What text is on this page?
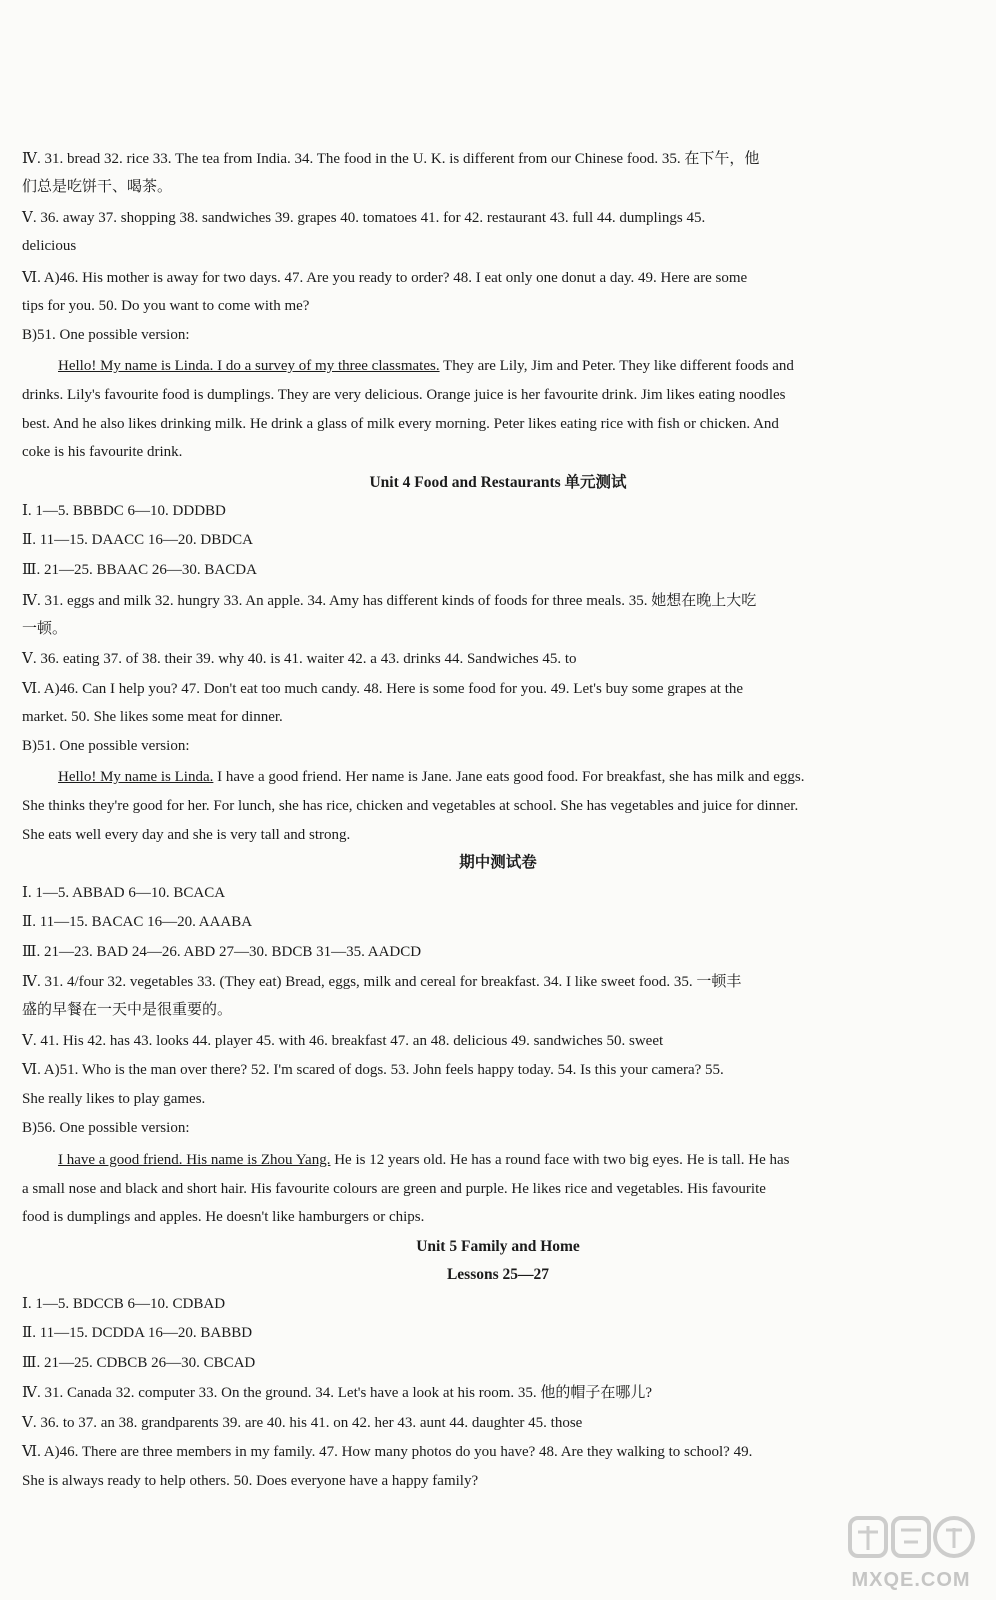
Ⅳ. 31. bread 32. rice 33. The tea from India. 34. The food in the U. K. is different from our Chinese food. 35. 在下午，他
们总是吃饼干、喝茶。
Ⅴ. 36. away 37. shopping 38. sandwiches 39. grapes 40. tomatoes 41. for 42. restaurant 43. full 44. dumplings 45.
delicious
Ⅵ. A)46. His mother is away for two days. 47. Are you ready to order? 48. I eat only one donut a day. 49. Here are some
tips for you. 50. Do you want to come with me?
B)51. One possible version:
Hello! My name is Linda. I do a survey of my three classmates. They are Lily, Jim and Peter. They like different foods and
drinks. Lily's favourite food is dumplings. They are very delicious. Orange juice is her favourite drink. Jim likes eating noodles
best. And he also likes drinking milk. He drink a glass of milk every morning. Peter likes eating rice with fish or chicken. And
coke is his favourite drink.
Unit 4 Food and Restaurants 单元测试
Ⅰ. 1—5. BBBDC 6—10. DDDBD
Ⅱ. 11—15. DAACC 16—20. DBDCA
Ⅲ. 21—25. BBAAC 26—30. BACDA
Ⅳ. 31. eggs and milk 32. hungry 33. An apple. 34. Amy has different kinds of foods for three meals. 35. 她想在晚上大吃
一顿。
Ⅴ. 36. eating 37. of 38. their 39. why 40. is 41. waiter 42. a 43. drinks 44. Sandwiches 45. to
Ⅵ. A)46. Can I help you? 47. Don't eat too much candy. 48. Here is some food for you. 49. Let's buy some grapes at the
market. 50. She likes some meat for dinner.
B)51. One possible version:
Hello! My name is Linda. I have a good friend. Her name is Jane. Jane eats good food. For breakfast, she has milk and eggs.
She thinks they're good for her. For lunch, she has rice, chicken and vegetables at school. She has vegetables and juice for dinner.
She eats well every day and she is very tall and strong.
期中测试卷
Ⅰ. 1—5. ABBAD 6—10. BCACA
Ⅱ. 11—15. BACAC 16—20. AAABA
Ⅲ. 21—23. BAD 24—26. ABD 27—30. BDCB 31—35. AADCD
Ⅳ. 31. 4/four 32. vegetables 33. (They eat) Bread, eggs, milk and cereal for breakfast. 34. I like sweet food. 35. 一顿丰
盛的早餐在一天中是很重要的。
Ⅴ. 41. His 42. has 43. looks 44. player 45. with 46. breakfast 47. an 48. delicious 49. sandwiches 50. sweet
Ⅵ. A)51. Who is the man over there? 52. I'm scared of dogs. 53. John feels happy today. 54. Is this your camera? 55.
She really likes to play games.
B)56. One possible version:
I have a good friend. His name is Zhou Yang. He is 12 years old. He has a round face with two big eyes. He is tall. He has
a small nose and black and short hair. His favourite colours are green and purple. He likes rice and vegetables. His favourite
food is dumplings and apples. He doesn't like hamburgers or chips.
Unit 5 Family and Home
Lessons 25—27
Ⅰ. 1—5. BDCCB 6—10. CDBAD
Ⅱ. 11—15. DCDDA 16—20. BABBD
Ⅲ. 21—25. CDBCB 26—30. CBCAD
Ⅳ. 31. Canada 32. computer 33. On the ground. 34. Let's have a look at his room. 35. 他的帽子在哪儿?
Ⅴ. 36. to 37. an 38. grandparents 39. are 40. his 41. on 42. her 43. aunt 44. daughter 45. those
Ⅵ. A)46. There are three members in my family. 47. How many photos do you have? 48. Are they walking to school? 49.
She is always ready to help others. 50. Does everyone have a happy family?
MXQE.COM
